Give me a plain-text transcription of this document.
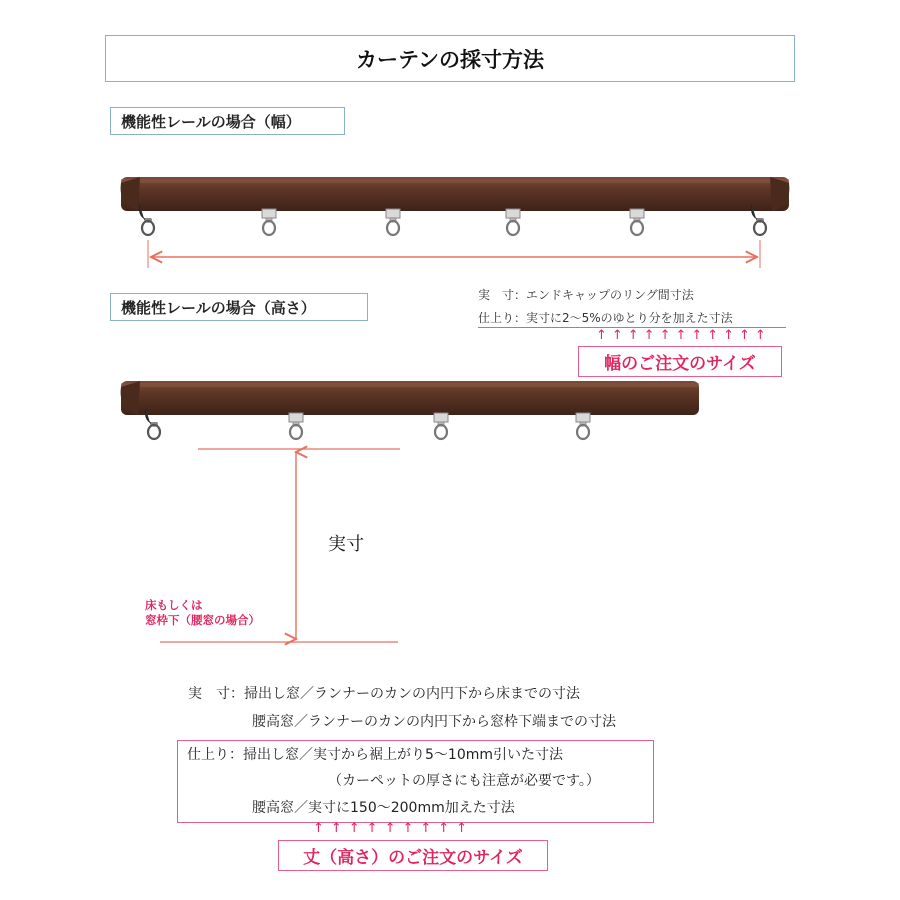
カーテンの採寸方法
機能性レールの場合（幅）
実　寸：エンドキャップのリング間寸法
仕上り：実寸に2〜5%のゆとり分を加えた寸法
↑↑↑↑↑↑↑↑↑↑↑
幅のご注文のサイズ
機能性レールの場合（高さ）
実寸
床もしくは
窓枠下（腰窓の場合）
実　寸：掃出し窓／ランナーのカンの内円下から床までの寸法
腰高窓／ランナーのカンの内円下から窓枠下端までの寸法
仕上り：掃出し窓／実寸から裾上がり5〜10mm引いた寸法
（カーペットの厚さにも注意が必要です。）
腰高窓／実寸に150〜200mm加えた寸法
↑↑↑↑↑↑↑↑↑
丈（高さ）のご注文のサイズ
